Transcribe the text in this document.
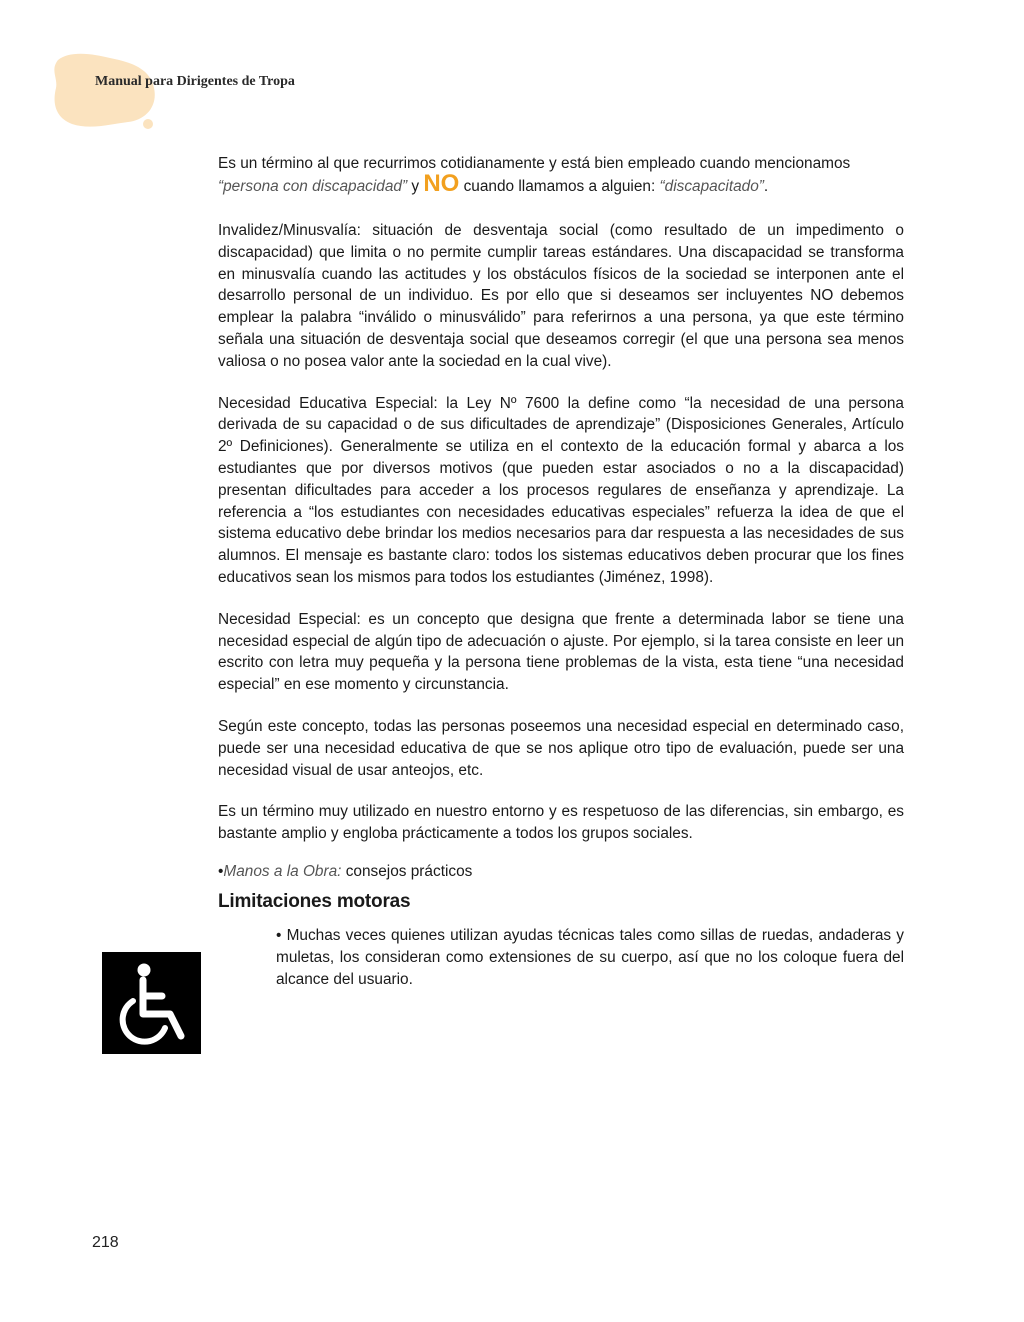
Manual para Dirigentes de Tropa

Es un término al que recurrimos cotidianamente y está bien empleado cuando mencionamos
“persona con discapacidad” y NO cuando llamamos a alguien: “discapacitado”.

Invalidez/Minusvalía: situación de desventaja social (como resultado de un impedimento o discapacidad) que limita o no permite cumplir tareas estándares. Una discapacidad se transforma en minusvalía cuando las actitudes y los obstáculos físicos de la sociedad se interponen ante el desarrollo personal de un individuo. Es por ello que si deseamos ser incluyentes NO debemos emplear la palabra “inválido o minusválido” para referirnos a una persona, ya que este término señala una situación de desventaja social que deseamos corregir (el que una persona sea menos valiosa o no posea valor ante la sociedad en la cual vive).

Necesidad Educativa Especial: la Ley Nº 7600 la define como “la necesidad de una persona derivada de su capacidad o de sus dificultades de aprendizaje” (Disposiciones Generales, Artículo 2º Definiciones). Generalmente se utiliza en el contexto de la educación formal y abarca a los estudiantes que por diversos motivos (que pueden estar asociados o no a la discapacidad) presentan dificultades para acceder a los procesos regulares de enseñanza y aprendizaje. La referencia a “los estudiantes con necesidades educativas especiales” refuerza la idea de que el sistema educativo debe brindar los medios necesarios para dar respuesta a las necesidades de sus alumnos. El mensaje es bastante claro: todos los sistemas educativos deben procurar que los fines educativos sean los mismos para todos los estudiantes (Jiménez, 1998).

Necesidad Especial: es un concepto que designa que frente a determinada labor se tiene una necesidad especial de algún tipo de adecuación o ajuste. Por ejemplo, si la tarea consiste en leer un escrito con letra muy pequeña y la persona tiene problemas de la vista, esta tiene “una necesidad especial” en ese momento y circunstancia.

Según este concepto, todas las personas poseemos una necesidad especial en determinado caso, puede ser una necesidad educativa de que se nos aplique otro tipo de evaluación, puede ser una necesidad visual de usar anteojos, etc.

Es un término muy utilizado en nuestro entorno y es respetuoso de las diferencias, sin embargo, es bastante amplio y engloba prácticamente a todos los grupos sociales.

•Manos a la Obra: consejos prácticos
Limitaciones motoras

• Muchas veces quienes utilizan ayudas técnicas tales como sillas de ruedas, andaderas y muletas, los consideran como extensiones de su cuerpo, así que no los coloque fuera del alcance del usuario.

218
